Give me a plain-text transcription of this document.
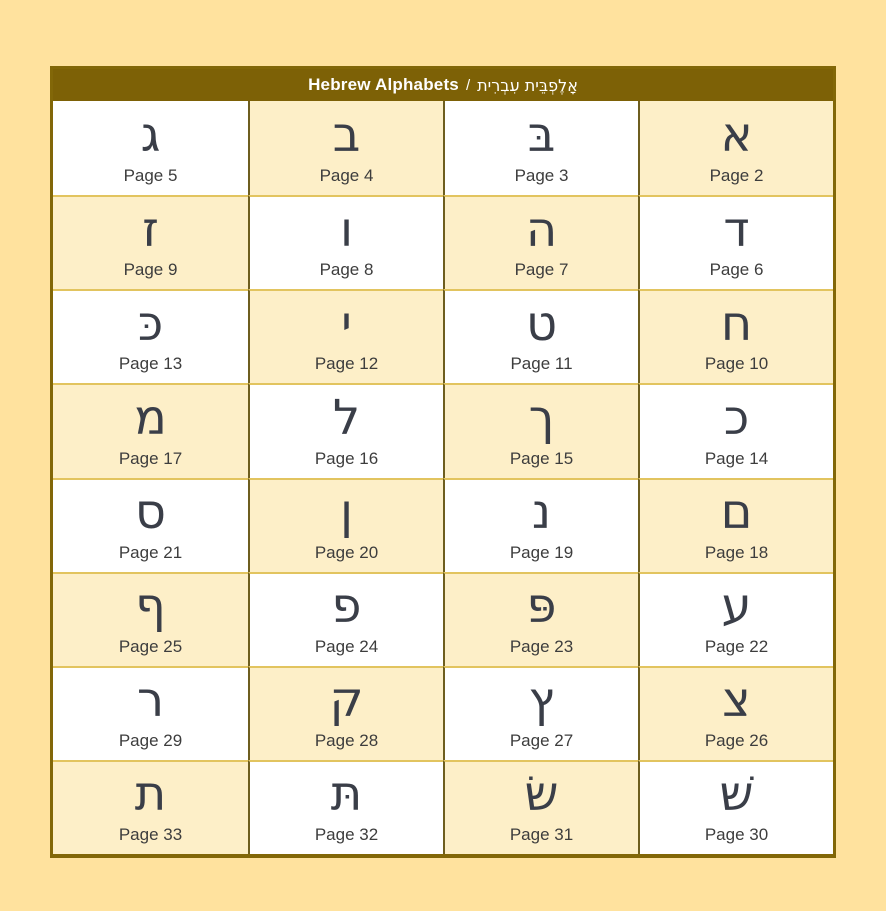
Hebrew Alphabets / אָלֶפְבֵּית עִבְרִית
א
Page 2
בּ
Page 3
ב
Page 4
ג
Page 5
ד
Page 6
ה
Page 7
ו
Page 8
ז
Page 9
ח
Page 10
ט
Page 11
י
Page 12
כּ
Page 13
כ
Page 14
ך
Page 15
ל
Page 16
מ
Page 17
ם
Page 18
נ
Page 19
ן
Page 20
ס
Page 21
ע
Page 22
פּ
Page 23
פ
Page 24
ף
Page 25
צ
Page 26
ץ
Page 27
ק
Page 28
ר
Page 29
שׁ
Page 30
שׂ
Page 31
תּ
Page 32
ת
Page 33
